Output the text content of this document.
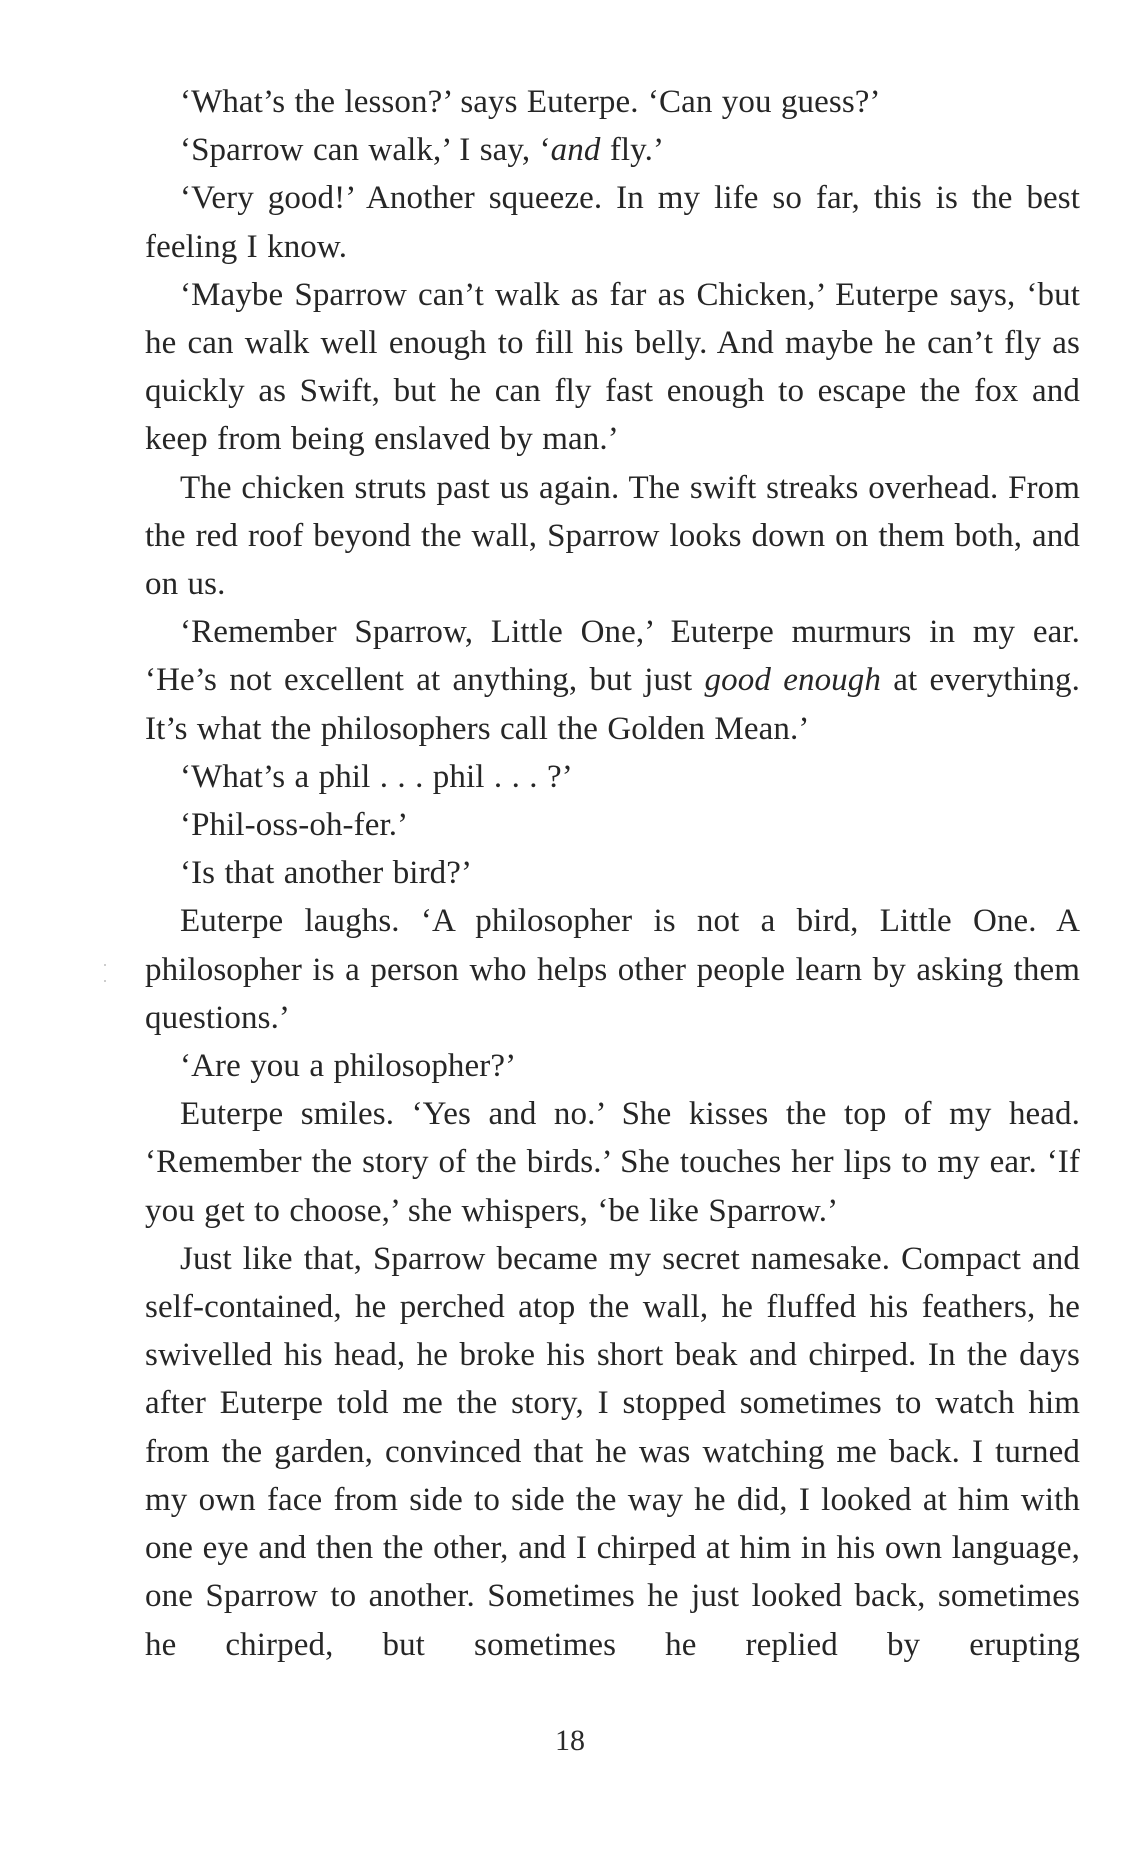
‘What’s the lesson?’ says Euterpe. ‘Can you guess?’

‘Sparrow can walk,’ I say, ‘and fly.’

‘Very good!’ Another squeeze. In my life so far, this is the best feeling I know.

‘Maybe Sparrow can’t walk as far as Chicken,’ Euterpe says, ‘but he can walk well enough to fill his belly. And maybe he can’t fly as quickly as Swift, but he can fly fast enough to escape the fox and keep from being enslaved by man.’

The chicken struts past us again. The swift streaks overhead. From the red roof beyond the wall, Sparrow looks down on them both, and on us.

‘Remember Sparrow, Little One,’ Euterpe murmurs in my ear. ‘He’s not excellent at anything, but just good enough at everything. It’s what the philosophers call the Golden Mean.’

‘What’s a phil . . . phil . . . ?’

‘Phil-oss-oh-fer.’

‘Is that another bird?’

Euterpe laughs. ‘A philosopher is not a bird, Little One. A philosopher is a person who helps other people learn by asking them questions.’

‘Are you a philosopher?’

Euterpe smiles. ‘Yes and no.’ She kisses the top of my head. ‘Remember the story of the birds.’ She touches her lips to my ear. ‘If you get to choose,’ she whispers, ‘be like Sparrow.’

Just like that, Sparrow became my secret namesake. Compact and self-contained, he perched atop the wall, he fluffed his feathers, he swivelled his head, he broke his short beak and chirped. In the days after Euterpe told me the story, I stopped sometimes to watch him from the garden, convinced that he was watching me back. I turned my own face from side to side the way he did, I looked at him with one eye and then the other, and I chirped at him in his own language, one Sparrow to another. Sometimes he just looked back, sometimes he chirped, but sometimes he replied by erupting

18
